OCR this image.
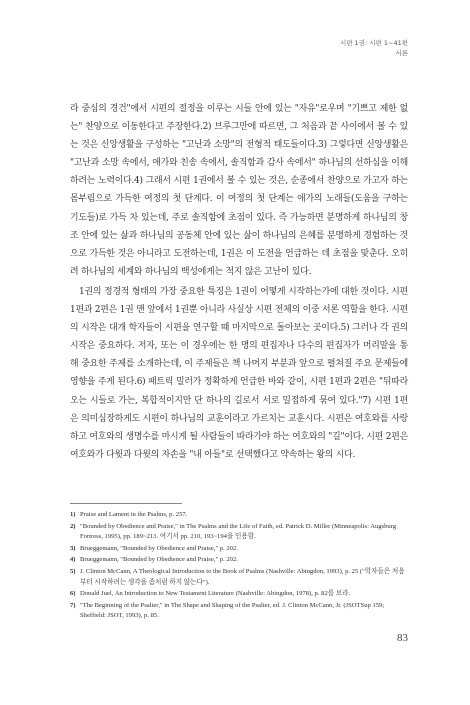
시편 1권: 시편 1~41편
서론

라 중심의 경건"에서 시편의 절정을 이루는 시들 안에 있는 "자유"로우며 "기쁘고 제한 없는" 찬양으로 이동한다고 주장한다.2) 브루그만에 따르면, 그 처음과 끝 사이에서 볼 수 있는 것은 신앙생활을 구성하는 "고난과 소망"의 전형적 태도들이다.3) 그렇다면 신앙생활은 "고난과 소망 속에서, 애가와 친송 속에서, 솔직함과 감사 속에서" 하나님의 선하심을 이해하려는 노력이다.4) 그래서 시편 1권에서 볼 수 있는 것은, 순종에서 찬양으로 가고자 하는 몸부림으로 가득한 여정의 첫 단계다. 이 여정의 첫 단계는 애가의 노래들(도움을 구하는 기도들)로 가득 차 있는데, 주로 솔직함에 초점이 있다. 즉 가능하면 분명하게 하나님의 창조 안에 있는 삶과 하나님의 공동체 안에 있는 삶이 하나님의 은혜를 분명하게 경험하는 것으로 가득한 것은 아니라고 도전하는데, 1권은 이 도전을 언급하는 데 초점을 맞춘다. 오히려 하나님의 세계와 하나님의 백성에게는 적지 않은 고난이 있다.

1권의 정경적 형태의 가장 중요한 특징은 1권이 어떻게 시작하는가에 대한 것이다. 시편 1편과 2편은 1권 맨 앞에서 1권뿐 아니라 사실상 시편 전체의 이중 서론 역할을 한다. 시편의 시작은 대개 학자들이 시편을 연구할 때 마지막으로 돌아보는 곳이다.5) 그러나 각 권의 시작은 중요하다. 저자, 또는 이 경우에는 한 명의 편집자나 다수의 편집자가 머리말을 통해 중요한 주제를 소개하는데, 이 주제들은 책 나머지 부분과 앞으로 펼쳐질 주요 문제들에 영향을 주게 된다.6) 패트릭 밀러가 정확하게 언급한 바와 같이, 시편 1편과 2편은 "뒤따라오는 시들로 가는, 복합적이지만 단 하나의 길로서 서로 밀접하게 묶여 있다."7) 시편 1편은 의미심장하게도 시편이 하나님의 교훈이라고 가르치는 교훈시다. 시편은 여호와를 사랑하고 여호와의 생명수를 마시게 될 사람들이 따라가야 하는 여호와의 "길"이다. 시편 2편은 여호와가 다윗과 다윗의 자손을 "내 아들"로 선택했다고 약속하는 왕의 시다.

1) Praise and Lament in the Psalms, p. 257.
2) "Bounded by Obedience and Praise," in The Psalms and the Life of Faith, ed. Patrick D. Miller (Minneapolis: Augsburg Fortress, 1995), pp. 189~213. 여기서 pp. 210, 193~194을 인용함.
3) Brueggemann, "Bounded by Obedience and Praise," p. 202.
4) Brueggemann, "Bounded by Obedience and Praise," p. 202.
5) J. Clinton McCann, A Theological Introduction to the Book of Psalms (Nashville: Abingdon, 1993), p. 25 ("학자들은 처음부터 시작하려는 생각을 좀처럼 하지 않는다").
6) Donald Juel, An Introduction to New Testament Literature (Nashville: Abingdon, 1978), p. 82를 보라.
7) "The Beginning of the Psalter," in The Shape and Shaping of the Psalter, ed. J. Clinton McCann, Jr. (JSOTSup 159; Sheffield: JSOT, 1993), p. 85.
83
